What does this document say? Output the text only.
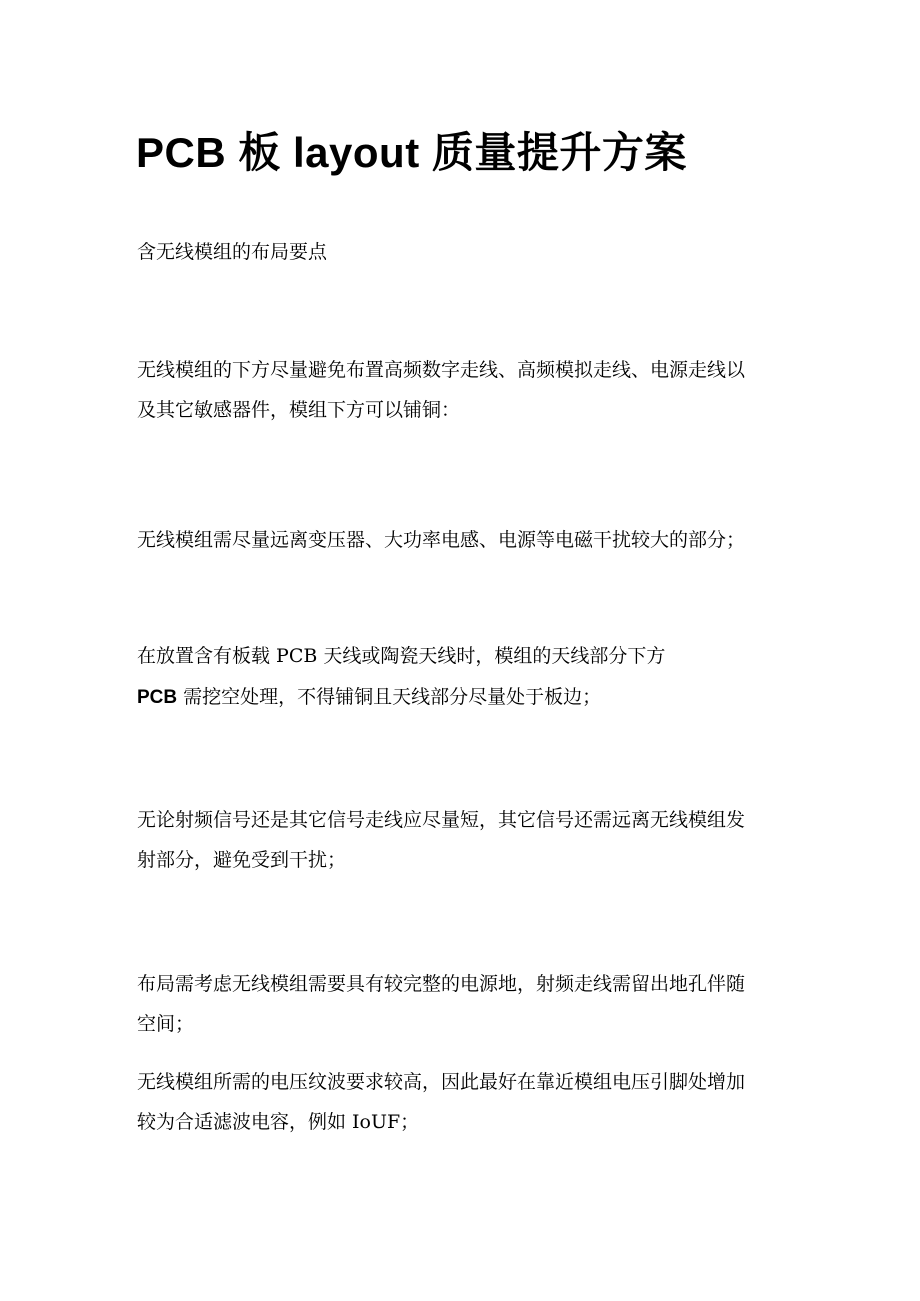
PCB 板 layout 质量提升方案

含无线模组的布局要点

无线模组的下方尽量避免布置高频数字走线、高频模拟走线、电源走线以
及其它敏感器件，模组下方可以铺铜：
无线模组需尽量远离变压器、大功率电感、电源等电磁干扰较大的部分；
在放置含有板载 PCB 天线或陶瓷天线时，模组的天线部分下方
PCB 需挖空处理，不得铺铜且天线部分尽量处于板边；
无论射频信号还是其它信号走线应尽量短，其它信号还需远离无线模组发
射部分，避免受到干扰；
布局需考虑无线模组需要具有较完整的电源地，射频走线需留出地孔伴随
空间；
无线模组所需的电压纹波要求较高，因此最好在靠近模组电压引脚处增加
较为合适滤波电容，例如 IoUF；
